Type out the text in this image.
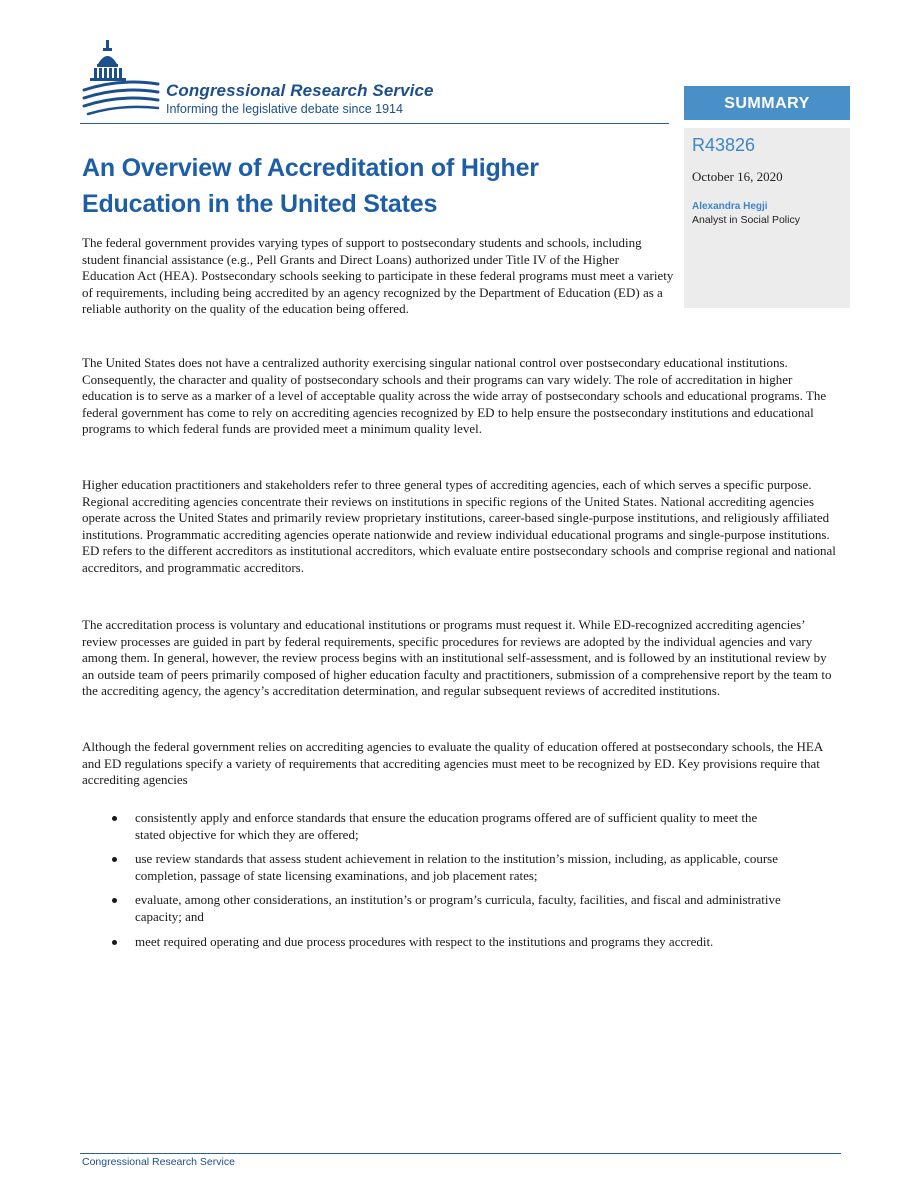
Congressional Research Service

Informing the legislative debate since 1914	SUMMARY
R43826
October 16, 2020
Alexandra Hegji
Analyst in Social Policy
An Overview of Accreditation of Higher
Education in the United States

The federal government provides varying types of support to postsecondary students and schools, including student financial assistance (e.g., Pell Grants and Direct Loans) authorized under Title IV of the Higher Education Act (HEA). Postsecondary schools seeking to participate in these federal programs must meet a variety of requirements, including being accredited by an agency recognized by the Department of Education (ED) as a reliable authority on the quality of the education being offered.

The United States does not have a centralized authority exercising singular national control over postsecondary educational institutions. Consequently, the character and quality of postsecondary schools and their programs can vary widely. The role of accreditation in higher education is to serve as a marker of a level of acceptable quality across the wide array of postsecondary schools and educational programs. The federal government has come to rely on accrediting agencies recognized by ED to help ensure the postsecondary institutions and educational programs to which federal funds are provided meet a minimum quality level.

Higher education practitioners and stakeholders refer to three general types of accrediting agencies, each of which serves a specific purpose. Regional accrediting agencies concentrate their reviews on institutions in specific regions of the United States. National accrediting agencies operate across the United States and primarily review proprietary institutions, career-based single-purpose institutions, and religiously affiliated institutions. Programmatic accrediting agencies operate nationwide and review individual educational programs and single-purpose institutions. ED refers to the different accreditors as institutional accreditors, which evaluate entire postsecondary schools and comprise regional and national accreditors, and programmatic accreditors.

The accreditation process is voluntary and educational institutions or programs must request it. While ED-recognized accrediting agencies’ review processes are guided in part by federal requirements, specific procedures for reviews are adopted by the individual agencies and vary among them. In general, however, the review process begins with an institutional self-assessment, and is followed by an institutional review by an outside team of peers primarily composed of higher education faculty and practitioners, submission of a comprehensive report by the team to the accrediting agency, the agency’s accreditation determination, and regular subsequent reviews of accredited institutions.

Although the federal government relies on accrediting agencies to evaluate the quality of education offered at postsecondary schools, the HEA and ED regulations specify a variety of requirements that accrediting agencies must meet to be recognized by ED. Key provisions require that accrediting agencies

consistently apply and enforce standards that ensure the education programs offered are of sufficient quality to meet the stated objective for which they are offered;
use review standards that assess student achievement in relation to the institution’s mission, including, as applicable, course completion, passage of state licensing examinations, and job placement rates;
evaluate, among other considerations, an institution’s or program’s curricula, faculty, facilities, and fiscal and administrative capacity; and
meet required operating and due process procedures with respect to the institutions and programs they accredit.

Congressional Research Service
